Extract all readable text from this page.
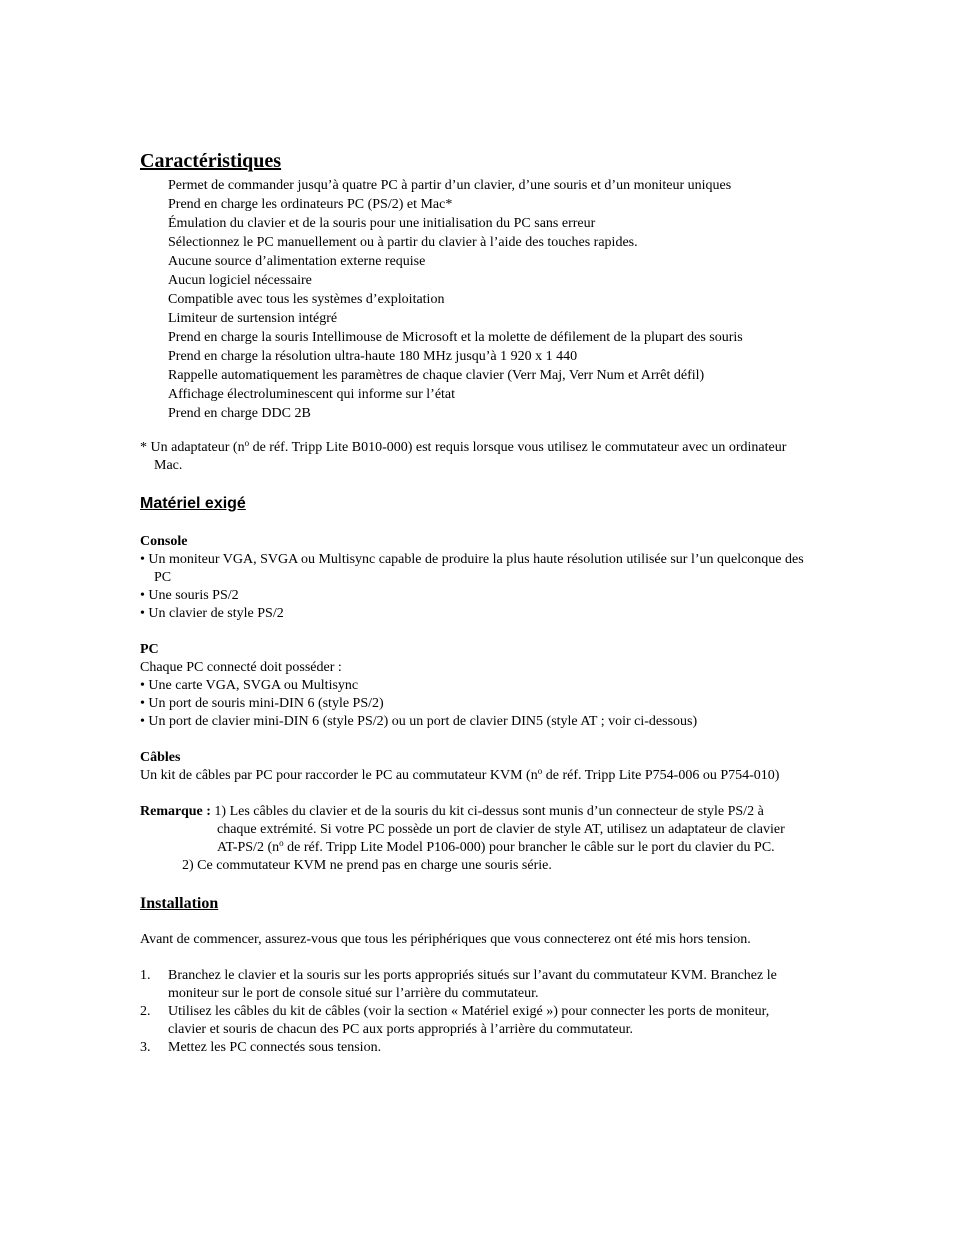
Caractéristiques
Permet de commander jusqu’à quatre PC à partir d’un clavier, d’une souris et d’un moniteur uniques
Prend en charge les ordinateurs PC (PS/2) et Mac*
Émulation du clavier et de la souris pour une initialisation du PC sans erreur
Sélectionnez le PC manuellement ou à partir du clavier à l’aide des touches rapides.
Aucune source d’alimentation externe requise
Aucun logiciel nécessaire
Compatible avec tous les systèmes d’exploitation
Limiteur de surtension intégré
Prend en charge la souris Intellimouse de Microsoft et la molette de défilement de la plupart des souris
Prend en charge la résolution ultra-haute 180 MHz jusqu’à 1 920 x 1 440
Rappelle automatiquement les paramètres de chaque clavier (Verr Maj, Verr Num et Arrêt défil)
Affichage électroluminescent qui informe sur l’état
Prend en charge DDC 2B

* Un adaptateur ($n^o$ de réf. Tripp Lite B010-000) est requis lorsque vous utilisez le commutateur avec un ordinateur Mac.

Matériel exigé

Console

• Un moniteur VGA, SVGA ou Multisync capable de produire la plus haute résolution utilisée sur l’un quelconque des PC

• Une souris PS/2

• Un clavier de style PS/2

PC

Chaque PC connecté doit posséder :

• Une carte VGA, SVGA ou Multisync

• Un port de souris mini-DIN 6 (style PS/2)

• Un port de clavier mini-DIN 6 (style PS/2) ou un port de clavier DIN5 (style AT ; voir ci-dessous)

Câbles

Un kit de câbles par PC pour raccorder le PC au commutateur KVM ($n^o$ de réf. Tripp Lite P754-006 ou P754-010)

Remarque : 1) Les câbles du clavier et de la souris du kit ci-dessus sont munis d’un connecteur de style PS/2 à chaque extrémité. Si votre PC possède un port de clavier de style AT, utilisez un adaptateur de clavier AT-PS/2 ($n^o$ de réf. Tripp Lite Model P106-000) pour brancher le câble sur le port du clavier du PC.
2) Ce commutateur KVM ne prend pas en charge une souris série.
Installation

Avant de commencer, assurez-vous que tous les périphériques que vous connecterez ont été mis hors tension.

1. Branchez le clavier et la souris sur les ports appropriés situés sur l’avant du commutateur KVM. Branchez le moniteur sur le port de console situé sur l’arrière du commutateur.
2. Utilisez les câbles du kit de câbles (voir la section « Matériel exigé ») pour connecter les ports de moniteur, clavier et souris de chacun des PC aux ports appropriés à l’arrière du commutateur.
3. Mettez les PC connectés sous tension.
